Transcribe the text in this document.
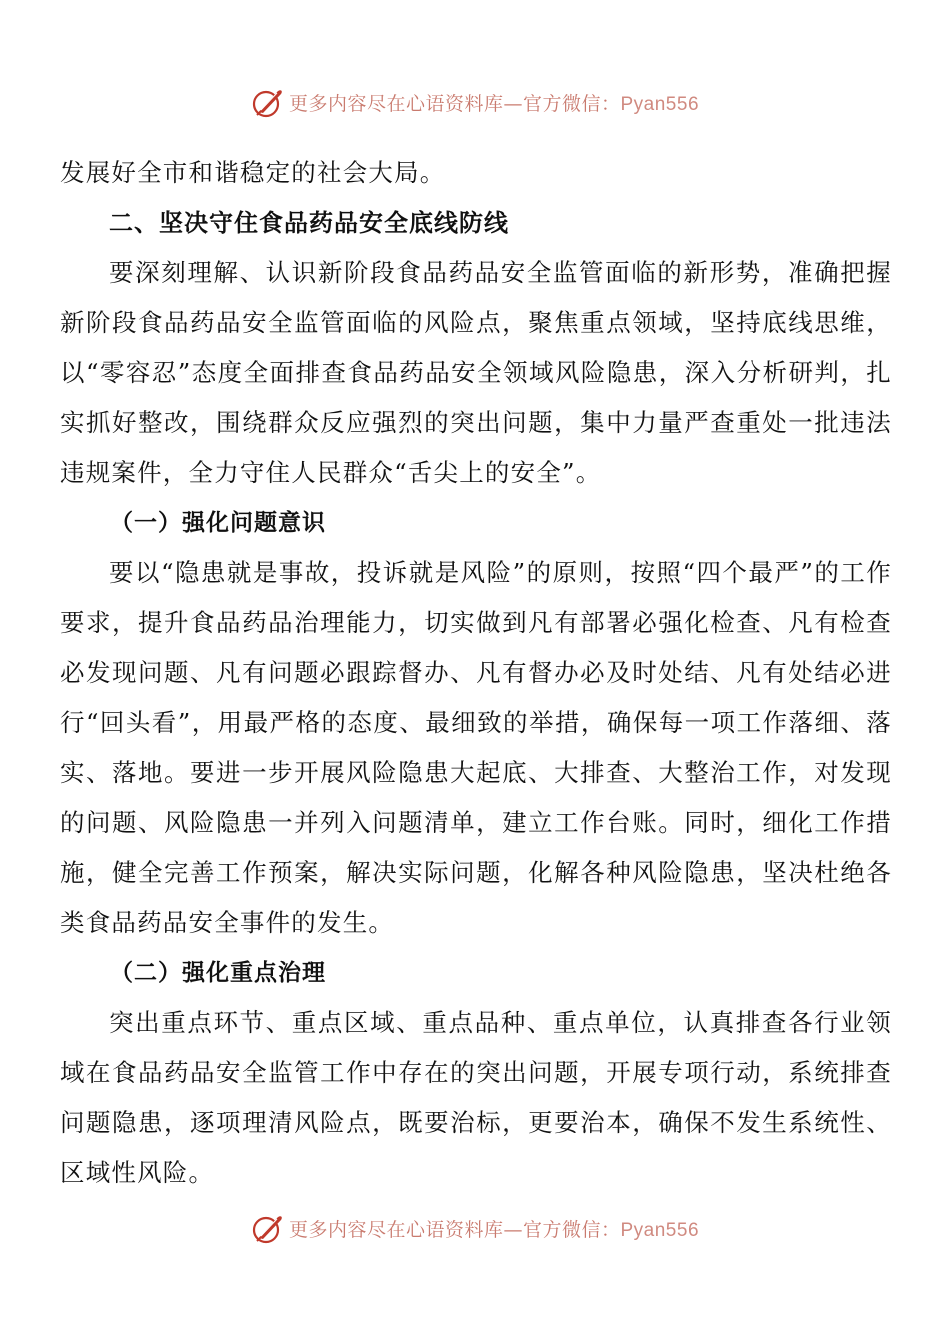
更多内容尽在心语资料库—官方微信：Pyan556

发展好全市和谐稳定的社会大局。

二、坚决守住食品药品安全底线防线

要深刻理解、认识新阶段食品药品安全监管面临的新形势，准确把握新阶段食品药品安全监管面临的风险点，聚焦重点领域，坚持底线思维，以“零容忍”态度全面排查食品药品安全领域风险隐患，深入分析研判，扎实抓好整改，围绕群众反应强烈的突出问题，集中力量严查重处一批违法违规案件，全力守住人民群众“舌尖上的安全”。

（一）强化问题意识

要以“隐患就是事故，投诉就是风险”的原则，按照“四个最严”的工作要求，提升食品药品治理能力，切实做到凡有部署必强化检查、凡有检查必发现问题、凡有问题必跟踪督办、凡有督办必及时处结、凡有处结必进行“回头看”，用最严格的态度、最细致的举措，确保每一项工作落细、落实、落地。要进一步开展风险隐患大起底、大排查、大整治工作，对发现的问题、风险隐患一并列入问题清单，建立工作台账。同时，细化工作措施，健全完善工作预案，解决实际问题，化解各种风险隐患，坚决杜绝各类食品药品安全事件的发生。

（二）强化重点治理

突出重点环节、重点区域、重点品种、重点单位，认真排查各行业领域在食品药品安全监管工作中存在的突出问题，开展专项行动，系统排查问题隐患，逐项理清风险点，既要治标，更要治本，确保不发生系统性、区域性风险。

更多内容尽在心语资料库—官方微信：Pyan556
